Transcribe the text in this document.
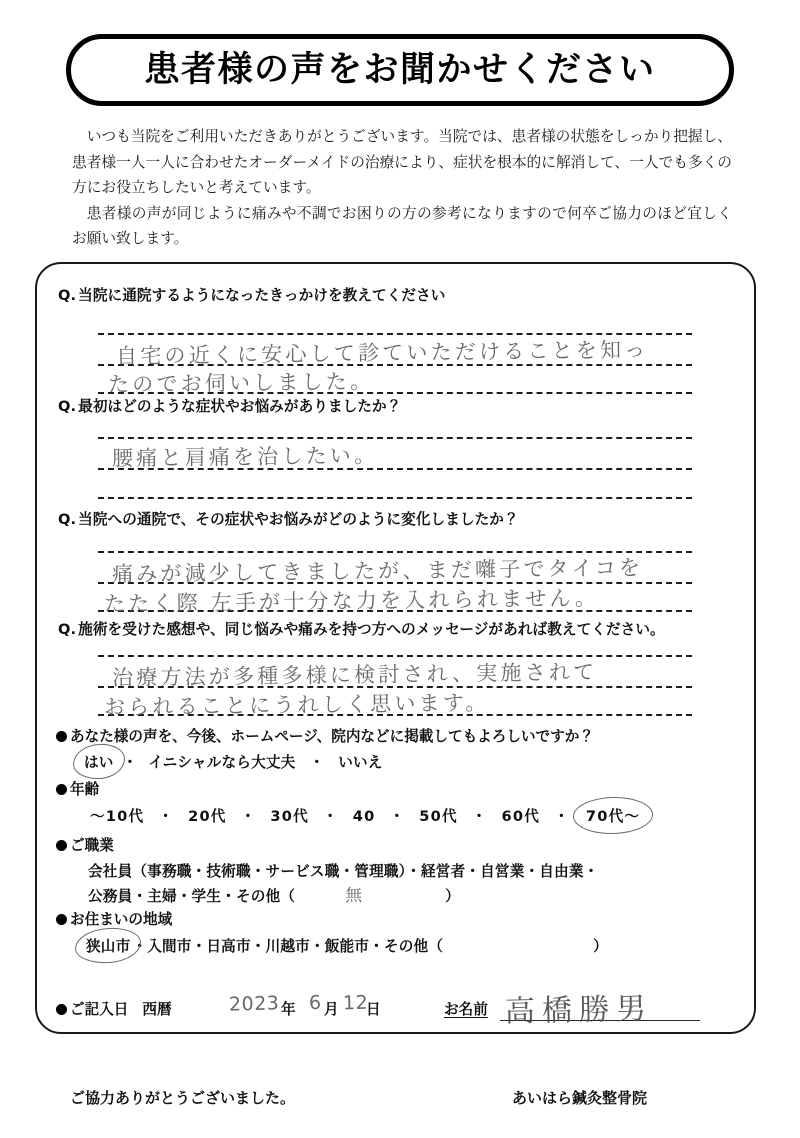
患者様の声をお聞かせください

いつも当院をご利用いただきありがとうございます。当院では、患者様の状態をしっかり把握し、患者様一人一人に合わせたオーダーメイドの治療により、症状を根本的に解消して、一人でも多くの方にお役立ちしたいと考えています。

患者様の声が同じように痛みや不調でお困りの方の参考になりますので何卒ご協力のほど宜しくお願い致します。

Q. 当院に通院するようになったきっかけを教えてください
自宅の近くに安心して診ていただけることを知っ
たのでお伺いしました。
Q. 最初はどのような症状やお悩みがありましたか？
腰痛と肩痛を治したい。
Q. 当院への通院で、その症状やお悩みがどのように変化しましたか？
痛みが減少してきましたが、まだ囃子でタイコを
たたく際 左手が十分な力を入れられません。
Q. 施術を受けた感想や、同じ悩みや痛みを持つ方へのメッセージがあれば教えてください。
治療方法が多種多様に検討され、実施されて
おられることにうれしく思います。
あなた様の声を、今後、ホームページ、院内などに掲載してもよろしいですか？
はい ・ イニシャルなら大丈夫 ・ いいえ
年齢
〜10代 ・ 20代 ・ 30代 ・ 40 ・ 50代 ・ 60代 ・ 70代〜
ご職業
会社員（事務職・技術職・サービス職・管理職）・経営者・自営業・自由業・
公務員・主婦・学生・その他（	）
無
お住まいの地域
狭山市 ・入間市・日高市・川越市・飯能市・その他（	）
ご記入日 西暦	2023 年 6 月 12
日	お名前 高橋勝男
ご協力ありがとうございました。	あいはら鍼灸整骨院
